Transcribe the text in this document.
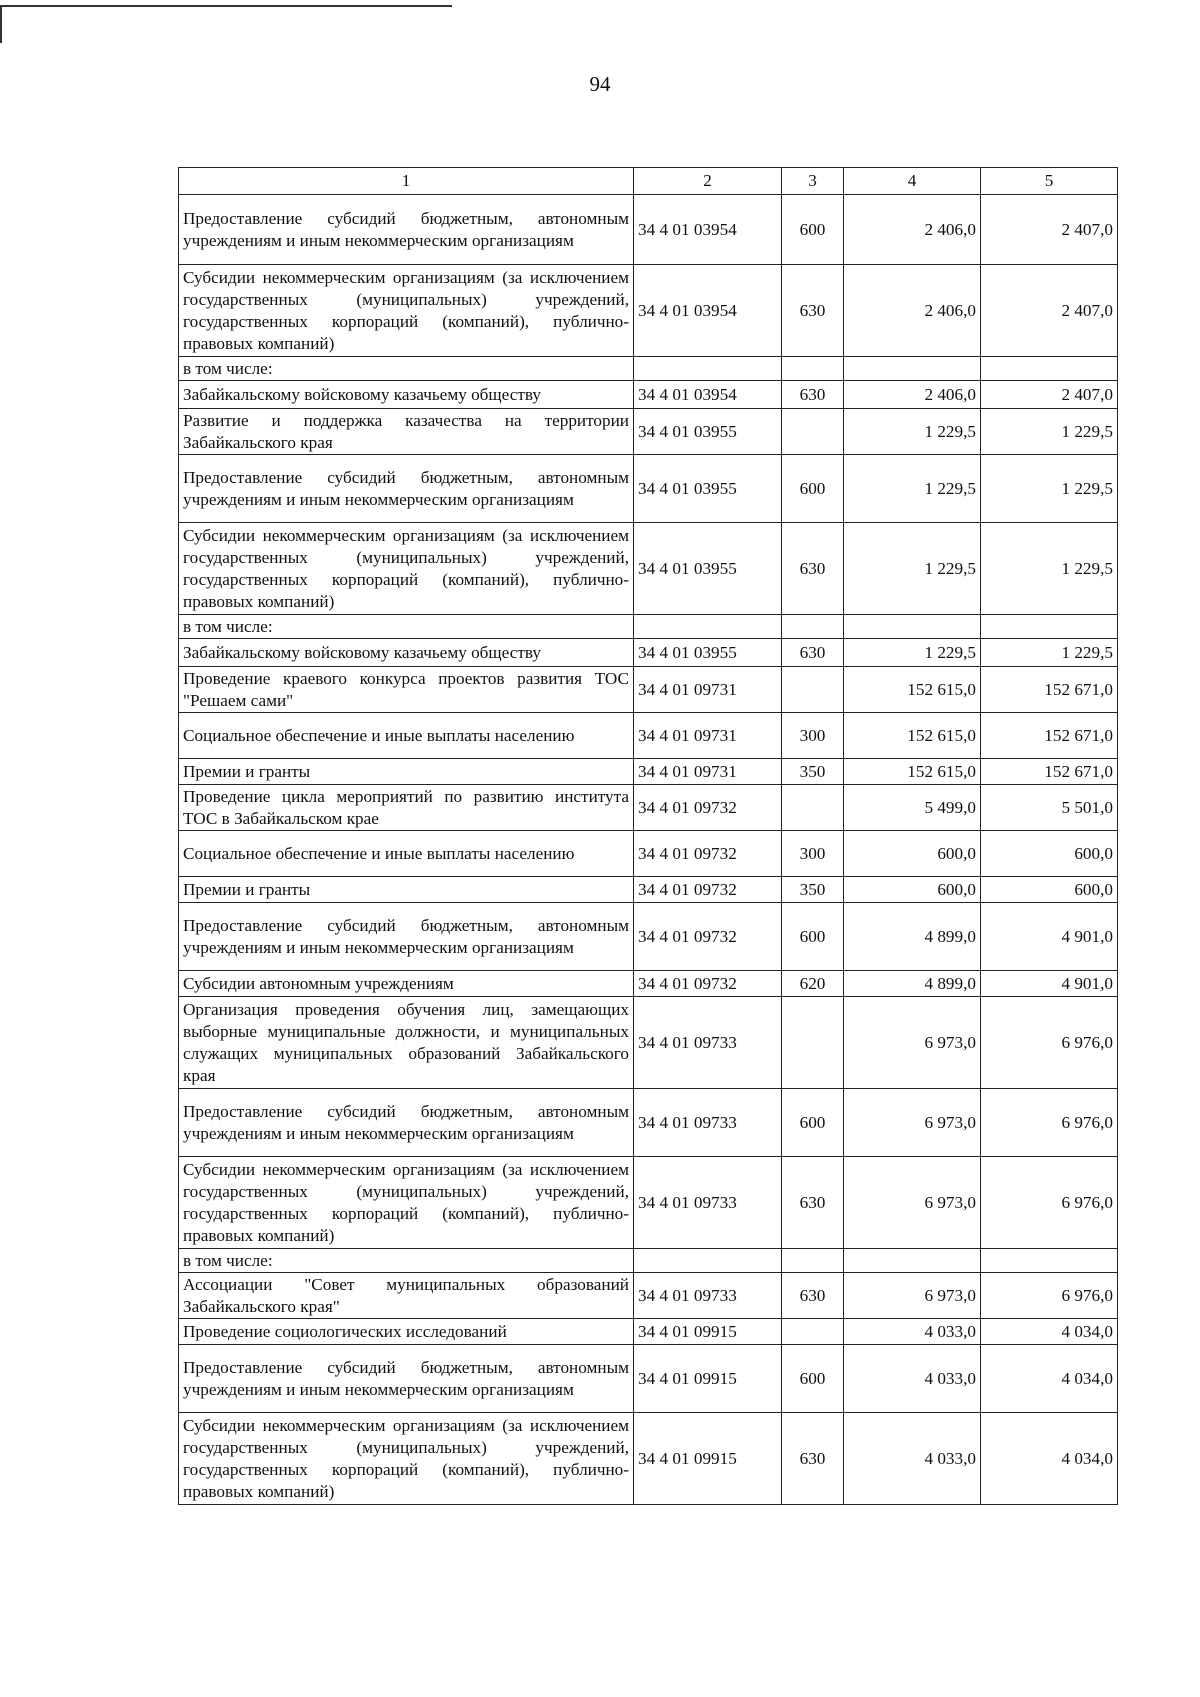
94
1	2	3	4	5
Предоставление субсидий бюджетным, автономным учреждениям и иным некоммерческим организациям	34 4 01 03954	600	2 406,0	2 407,0
Субсидии некоммерческим организациям (за исключением государственных (муниципальных) учреждений, государственных корпораций (компаний), публично-правовых компаний)	34 4 01 03954	630	2 406,0	2 407,0
в том числе:				
Забайкальскому войсковому казачьему обществу	34 4 01 03954	630	2 406,0	2 407,0
Развитие и поддержка казачества на территории Забайкальского края	34 4 01 03955		1 229,5	1 229,5
Предоставление субсидий бюджетным, автономным учреждениям и иным некоммерческим организациям	34 4 01 03955	600	1 229,5	1 229,5
Субсидии некоммерческим организациям (за исключением государственных (муниципальных) учреждений, государственных корпораций (компаний), публично-правовых компаний)	34 4 01 03955	630	1 229,5	1 229,5
в том числе:				
Забайкальскому войсковому казачьему обществу	34 4 01 03955	630	1 229,5	1 229,5
Проведение краевого конкурса проектов развития ТОС "Решаем сами"	34 4 01 09731		152 615,0	152 671,0
Социальное обеспечение и иные выплаты населению	34 4 01 09731	300	152 615,0	152 671,0
Премии и гранты	34 4 01 09731	350	152 615,0	152 671,0
Проведение цикла мероприятий по развитию института ТОС в Забайкальском крае	34 4 01 09732		5 499,0	5 501,0
Социальное обеспечение и иные выплаты населению	34 4 01 09732	300	600,0	600,0
Премии и гранты	34 4 01 09732	350	600,0	600,0
Предоставление субсидий бюджетным, автономным учреждениям и иным некоммерческим организациям	34 4 01 09732	600	4 899,0	4 901,0
Субсидии автономным учреждениям	34 4 01 09732	620	4 899,0	4 901,0
Организация проведения обучения лиц, замещающих выборные муниципальные должности, и муниципальных служащих муниципальных образований Забайкальского края	34 4 01 09733		6 973,0	6 976,0
Предоставление субсидий бюджетным, автономным учреждениям и иным некоммерческим организациям	34 4 01 09733	600	6 973,0	6 976,0
Субсидии некоммерческим организациям (за исключением государственных (муниципальных) учреждений, государственных корпораций (компаний), публично-правовых компаний)	34 4 01 09733	630	6 973,0	6 976,0
в том числе:				
Ассоциации "Совет муниципальных образований Забайкальского края"	34 4 01 09733	630	6 973,0	6 976,0
Проведение социологических исследований	34 4 01 09915		4 033,0	4 034,0
Предоставление субсидий бюджетным, автономным учреждениям и иным некоммерческим организациям	34 4 01 09915	600	4 033,0	4 034,0
Субсидии некоммерческим организациям (за исключением государственных (муниципальных) учреждений, государственных корпораций (компаний), публично-правовых компаний)	34 4 01 09915	630	4 033,0	4 034,0
